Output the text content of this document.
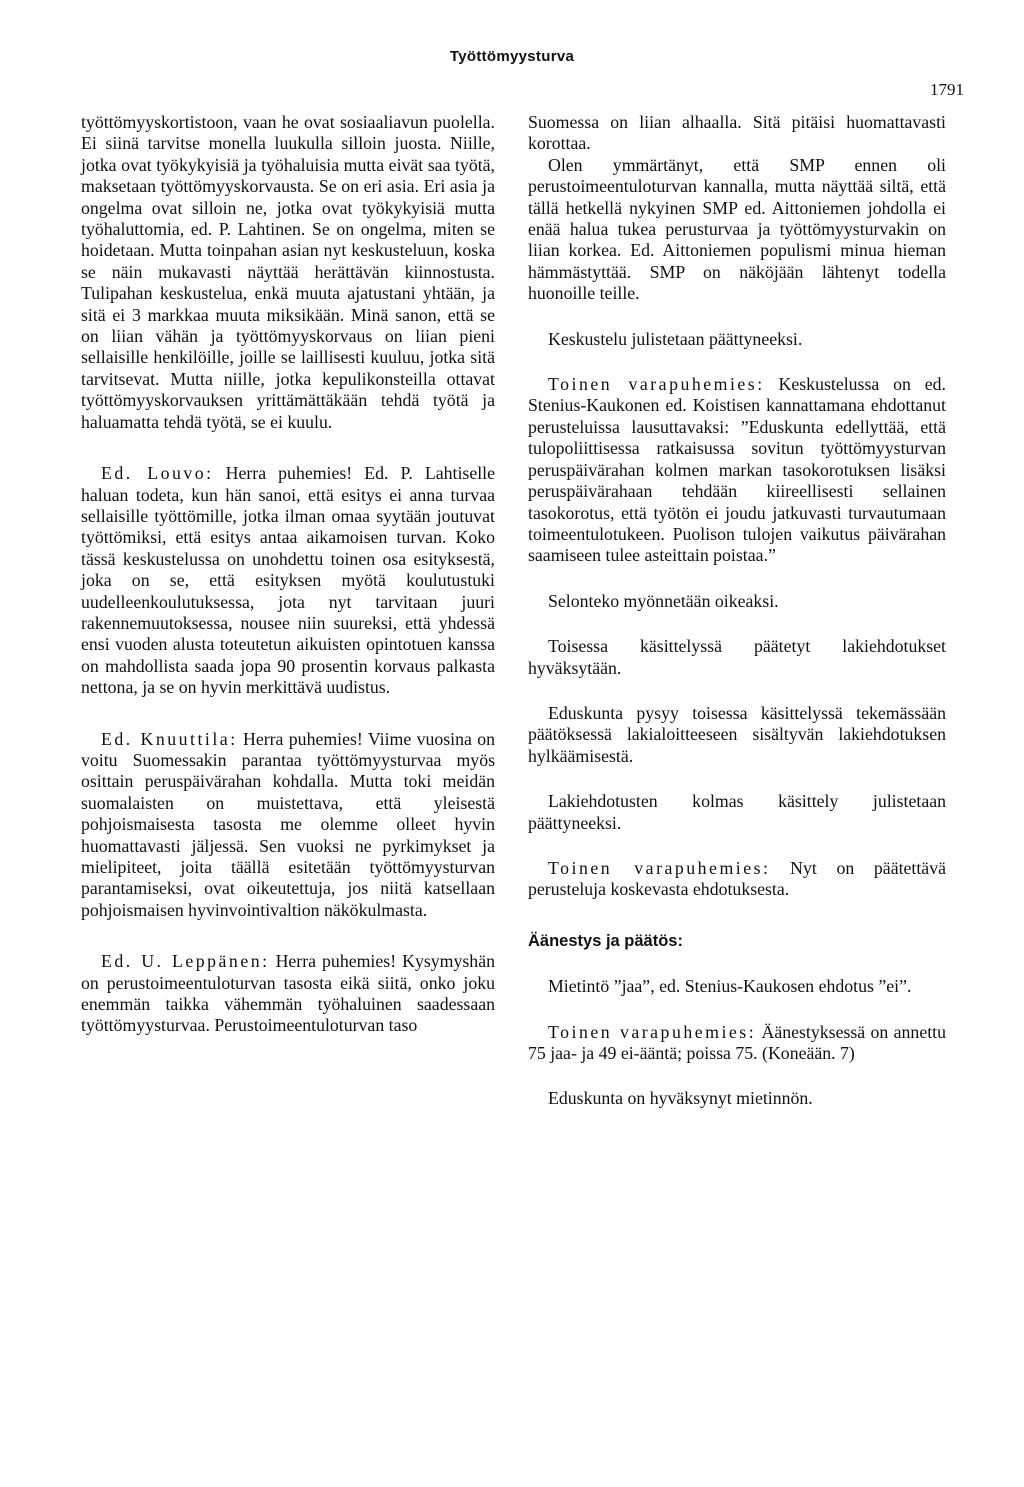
Työttömyysturva
1791

työttömyyskortistoon, vaan he ovat sosiaaliavun puolella. Ei siinä tarvitse monella luukulla silloin juosta. Niille, jotka ovat työkykyisiä ja työhaluisia mutta eivät saa työtä, maksetaan työttömyyskorvausta. Se on eri asia. Eri asia ja ongelma ovat silloin ne, jotka ovat työkykyisiä mutta työhaluttomia, ed. P. Lahtinen. Se on ongelma, miten se hoidetaan. Mutta toinpahan asian nyt keskusteluun, koska se näin mukavasti näyttää herättävän kiinnostusta. Tulipahan keskustelua, enkä muuta ajatustani yhtään, ja sitä ei 3 markkaa muuta miksikään. Minä sanon, että se on liian vähän ja työttömyyskorvaus on liian pieni sellaisille henkilöille, joille se laillisesti kuuluu, jotka sitä tarvitsevat. Mutta niille, jotka kepulikonsteilla ottavat työttömyyskorvauksen yrittämättäkään tehdä työtä ja haluamatta tehdä työtä, se ei kuulu.

Ed. Louvo: Herra puhemies! Ed. P. Lahtiselle haluan todeta, kun hän sanoi, että esitys ei anna turvaa sellaisille työttömille, jotka ilman omaa syytään joutuvat työttömiksi, että esitys antaa aikamoisen turvan. Koko tässä keskustelussa on unohdettu toinen osa esityksestä, joka on se, että esityksen myötä koulutustuki uudelleenkoulutuksessa, jota nyt tarvitaan juuri rakennemuutoksessa, nousee niin suureksi, että yhdessä ensi vuoden alusta toteutetun aikuisten opintotuen kanssa on mahdollista saada jopa 90 prosentin korvaus palkasta nettona, ja se on hyvin merkittävä uudistus.

Ed. Knuuttila: Herra puhemies! Viime vuosina on voitu Suomessakin parantaa työttömyysturvaa myös osittain peruspäivärahan kohdalla. Mutta toki meidän suomalaisten on muistettava, että yleisestä pohjoismaisesta tasosta me olemme olleet hyvin huomattavasti jäljessä. Sen vuoksi ne pyrkimykset ja mielipiteet, joita täällä esitetään työttömyysturvan parantamiseksi, ovat oikeutettuja, jos niitä katsellaan pohjoismaisen hyvinvointivaltion näkökulmasta.

Ed. U. Leppänen: Herra puhemies! Kysymyshän on perustoimeentuloturvan tasosta eikä siitä, onko joku enemmän taikka vähemmän työhaluinen saadessaan työttömyysturvaa. Perustoimeentuloturvan taso

Suomessa on liian alhaalla. Sitä pitäisi huomattavasti korottaa.

Olen ymmärtänyt, että SMP ennen oli perustoimeentuloturvan kannalla, mutta näyttää siltä, että tällä hetkellä nykyinen SMP ed. Aittoniemen johdolla ei enää halua tukea perusturvaa ja työttömyysturvakin on liian korkea. Ed. Aittoniemen populismi minua hieman hämmästyttää. SMP on näköjään lähtenyt todella huonoille teille.

Keskustelu julistetaan päättyneeksi.

Toinen varapuhemies: Keskustelussa on ed. Stenius-Kaukonen ed. Koistisen kannattamana ehdottanut perusteluissa lausuttavaksi: ”Eduskunta edellyttää, että tulopoliittisessa ratkaisussa sovitun työttömyysturvan peruspäivärahan kolmen markan tasokorotuksen lisäksi peruspäivärahaan tehdään kiireellisesti sellainen tasokorotus, että työtön ei joudu jatkuvasti turvautumaan toimeentulotukeen. Puolison tulojen vaikutus päivärahan saamiseen tulee asteittain poistaa.”

Selonteko myönnetään oikeaksi.

Toisessa käsittelyssä päätetyt lakiehdotukset hyväksytään.

Eduskunta pysyy toisessa käsittelyssä tekemässään päätöksessä lakialoitteeseen sisältyvän lakiehdotuksen hylkäämisestä.

Lakiehdotusten kolmas käsittely julistetaan päättyneeksi.

Toinen varapuhemies: Nyt on päätettävä perusteluja koskevasta ehdotuksesta.

Äänestys ja päätös:

Mietintö ”jaa”, ed. Stenius-Kaukosen ehdotus ”ei”.

Toinen varapuhemies: Äänestyksessä on annettu 75 jaa- ja 49 ei-ääntä; poissa 75. (Koneään. 7)

Eduskunta on hyväksynyt mietinnön.
